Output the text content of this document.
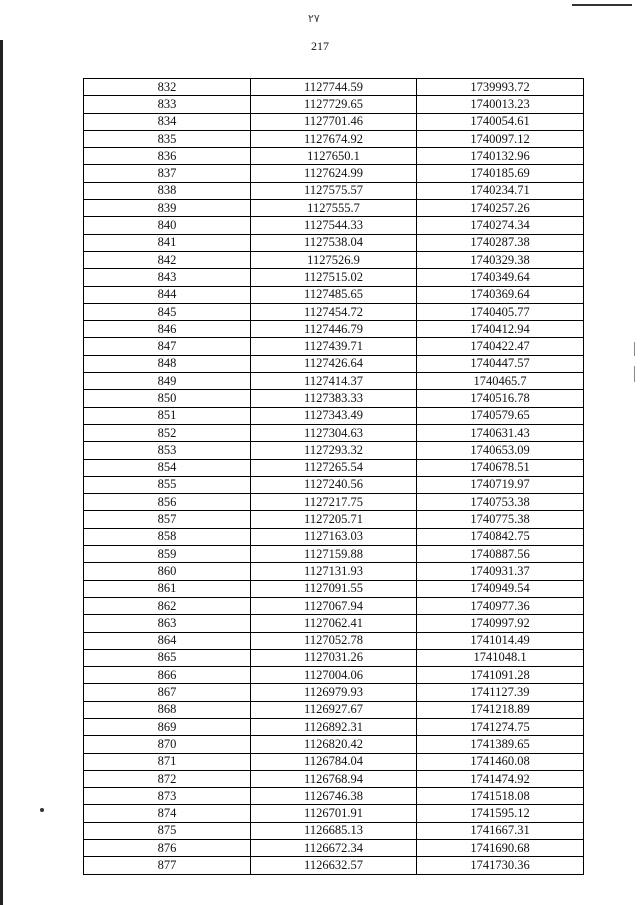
٢٧
217
832	1127744.59	1739993.72
833	1127729.65	1740013.23
834	1127701.46	1740054.61
835	1127674.92	1740097.12
836	1127650.1	1740132.96
837	1127624.99	1740185.69
838	1127575.57	1740234.71
839	1127555.7	1740257.26
840	1127544.33	1740274.34
841	1127538.04	1740287.38
842	1127526.9	1740329.38
843	1127515.02	1740349.64
844	1127485.65	1740369.64
845	1127454.72	1740405.77
846	1127446.79	1740412.94
847	1127439.71	1740422.47
848	1127426.64	1740447.57
849	1127414.37	1740465.7
850	1127383.33	1740516.78
851	1127343.49	1740579.65
852	1127304.63	1740631.43
853	1127293.32	1740653.09
854	1127265.54	1740678.51
855	1127240.56	1740719.97
856	1127217.75	1740753.38
857	1127205.71	1740775.38
858	1127163.03	1740842.75
859	1127159.88	1740887.56
860	1127131.93	1740931.37
861	1127091.55	1740949.54
862	1127067.94	1740977.36
863	1127062.41	1740997.92
864	1127052.78	1741014.49
865	1127031.26	1741048.1
866	1127004.06	1741091.28
867	1126979.93	1741127.39
868	1126927.67	1741218.89
869	1126892.31	1741274.75
870	1126820.42	1741389.65
871	1126784.04	1741460.08
872	1126768.94	1741474.92
873	1126746.38	1741518.08
874	1126701.91	1741595.12
875	1126685.13	1741667.31
876	1126672.34	1741690.68
877	1126632.57	1741730.36
